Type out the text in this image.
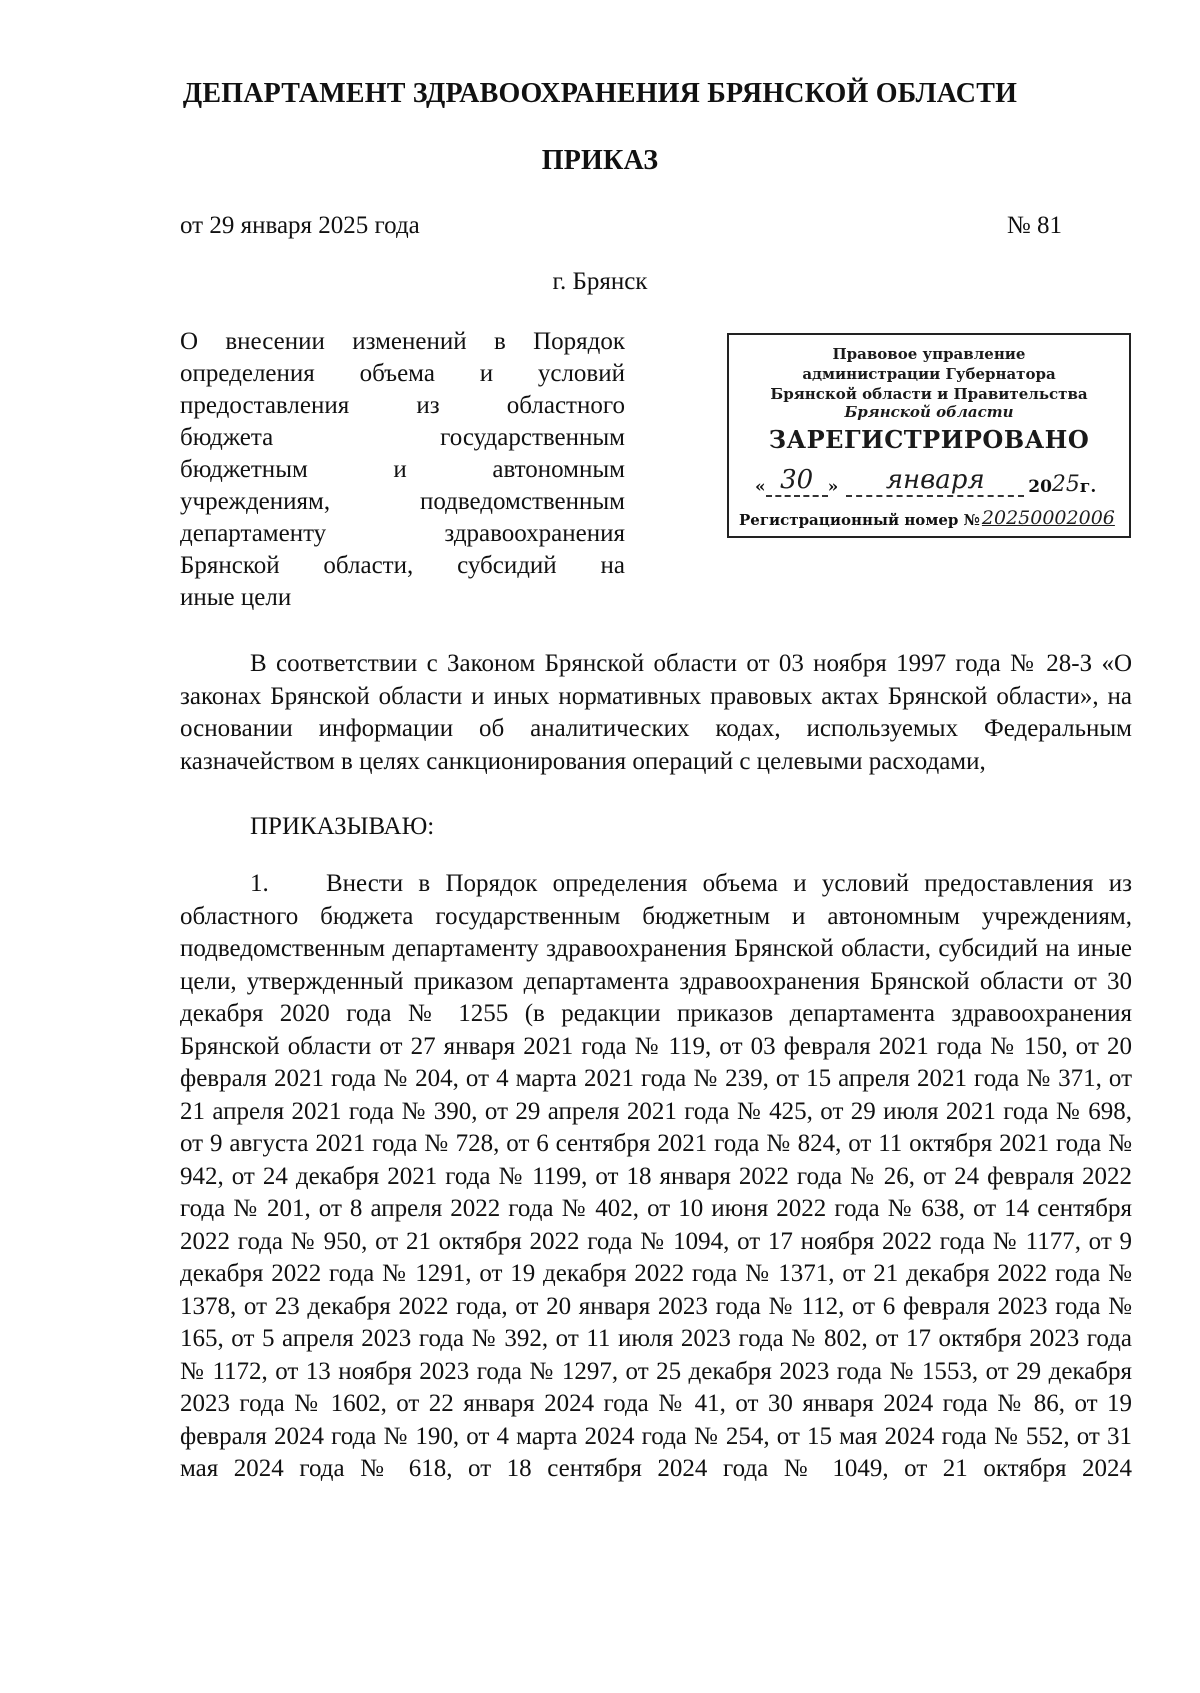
ДЕПАРТАМЕНТ ЗДРАВООХРАНЕНИЯ БРЯНСКОЙ ОБЛАСТИ
ПРИКАЗ
от 29 января 2025 года	№ 81
г. Брянск
О внесении изменений в Порядок
определения объема и условий
предоставления из областного
бюджета государственным
бюджетным и автономным
учреждениям, подведомственным
департаменту здравоохранения
Брянской области, субсидий на
иные цели
Правовое управление
администрации Губернатора
Брянской области и Правительства
Брянской области
ЗАРЕГИСТРИРОВАНО
« 30 »	января	20 25 г.
Регистрационный номер № 20250002006
В соответствии с Законом Брянской области от 03 ноября 1997 года № 28-З «О законах Брянской области и иных нормативных правовых актах Брянской области», на основании информации об аналитических кодах, используемых Федеральным казначейством в целях санкционирования операций с целевыми расходами,
ПРИКАЗЫВАЮ:

1. Внести в Порядок определения объема и условий предоставления из областного бюджета государственным бюджетным и автономным учреждениям, подведомственным департаменту здравоохранения Брянской области, субсидий на иные цели, утвержденный приказом департамента здравоохранения Брянской области от 30 декабря 2020 года № 1255 (в редакции приказов департамента здравоохранения Брянской области от 27 января 2021 года № 119, от 03 февраля 2021 года № 150, от 20 февраля 2021 года № 204, от 4 марта 2021 года № 239, от 15 апреля 2021 года № 371, от 21 апреля 2021 года № 390, от 29 апреля 2021 года № 425, от 29 июля 2021 года № 698, от 9 августа 2021 года № 728, от 6 сентября 2021 года № 824, от 11 октября 2021 года № 942, от 24 декабря 2021 года № 1199, от 18 января 2022 года № 26, от 24 февраля 2022 года № 201, от 8 апреля 2022 года № 402, от 10 июня 2022 года № 638, от 14 сентября 2022 года № 950, от 21 октября 2022 года № 1094, от 17 ноября 2022 года № 1177, от 9 декабря 2022 года № 1291, от 19 декабря 2022 года № 1371, от 21 декабря 2022 года № 1378, от 23 декабря 2022 года, от 20 января 2023 года № 112, от 6 февраля 2023 года № 165, от 5 апреля 2023 года № 392, от 11 июля 2023 года № 802, от 17 октября 2023 года № 1172, от 13 ноября 2023 года № 1297, от 25 декабря 2023 года № 1553, от 29 декабря 2023 года № 1602, от 22 января 2024 года № 41, от 30 января 2024 года № 86, от 19 февраля 2024 года № 190, от 4 марта 2024 года № 254, от 15 мая 2024 года № 552, от 31 мая 2024 года № 618, от 18 сентября 2024 года № 1049, от 21 октября 2024
